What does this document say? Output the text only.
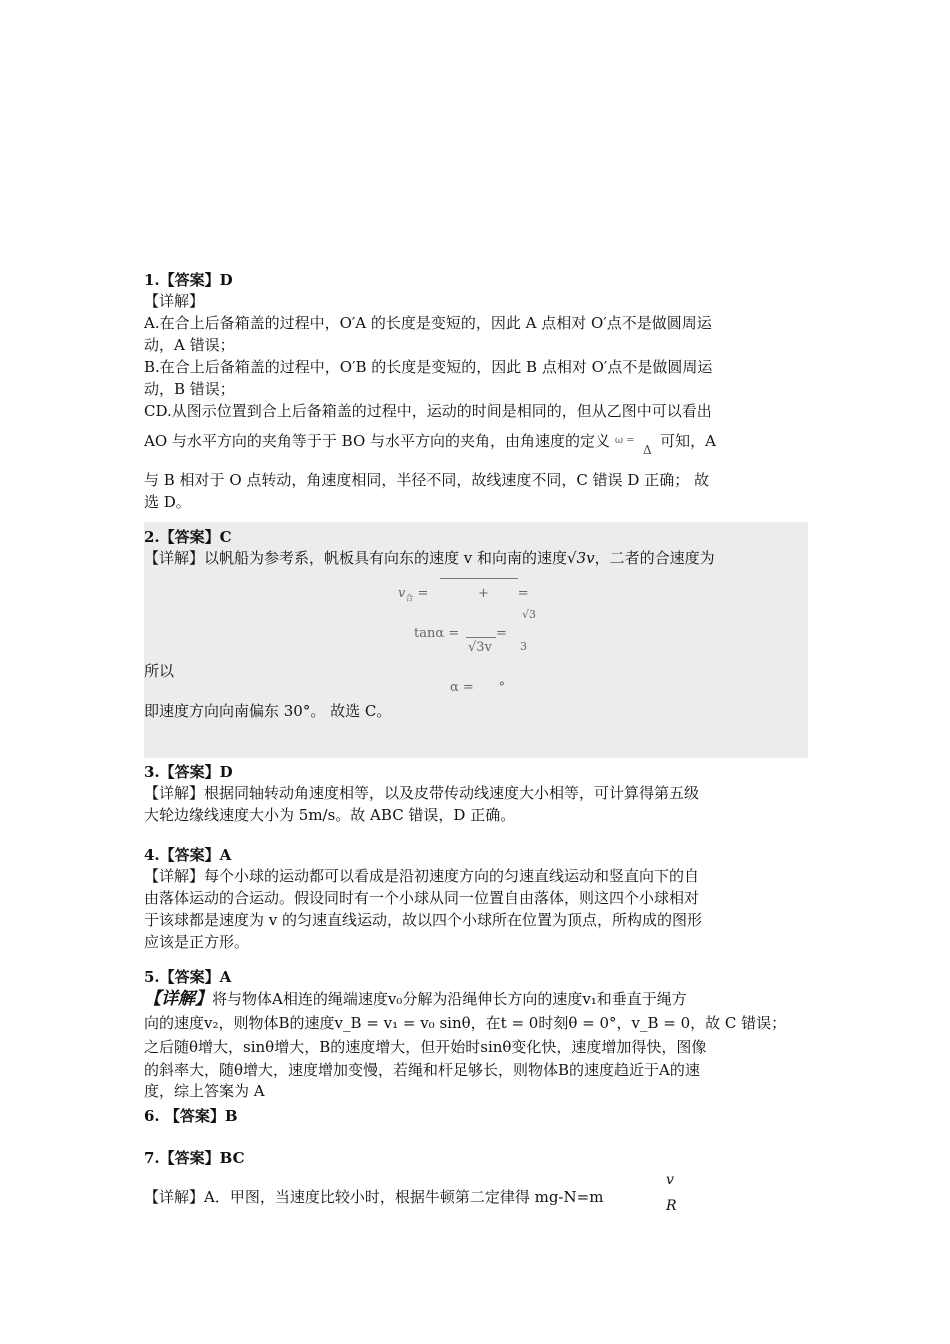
1.【答案】D
【详解】
A.在合上后备箱盖的过程中，O′A 的长度是变短的，因此 A 点相对 O′点不是做圆周运
动，A 错误；
B.在合上后备箱盖的过程中，O′B 的长度是变短的，因此 B 点相对 O′点不是做圆周运
动，B 错误；
CD.从图示位置到合上后备箱盖的过程中，运动的时间是相同的，但从乙图中可以看出
AO 与水平方向的夹角等于于 BO 与水平方向的夹角，由角速度的定义 $^{\omega =}$ Δ 可知，A
与 B 相对于 O 点转动，角速度相同，半径不同，故线速度不同，C 错误 D 正确； 故
选 D。
2.【答案】C
【详解】以帆船为参考系，帆板具有向东的速度 v 和向南的速度√3v，二者的合速度为
$v_合$ =            +       =
√3
tanα =	=
√3v	3
所以
α =      °
即速度方向向南偏东 30°。 故选 C。
3.【答案】D
【详解】根据同轴转动角速度相等，以及皮带传动线速度大小相等，可计算得第五级
大轮边缘线速度大小为 5m/s。故 ABC 错误，D 正确。
4.【答案】A
【详解】每个小球的运动都可以看成是沿初速度方向的匀速直线运动和竖直向下的自
由落体运动的合运动。假设同时有一个小球从同一位置自由落体，则这四个小球相对
于该球都是速度为 v 的匀速直线运动，故以四个小球所在位置为顶点，所构成的图形
应该是正方形。
5.【答案】A
【详解】将与物体A相连的绳端速度v₀分解为沿绳伸长方向的速度v₁和垂直于绳方
向的速度v₂，则物体B的速度v_B = v₁ = v₀ sinθ，在t = 0时刻θ = 0°，v_B = 0，故 C 错误；
之后随θ增大，sinθ增大，B的速度增大，但开始时sinθ变化快，速度增加得快，图像
的斜率大，随θ增大，速度增加变慢，若绳和杆足够长，则物体B的速度趋近于A的速
度，综上答案为 A
6. 【答案】B
7.【答案】BC
【详解】A．甲图，当速度比较小时，根据牛顿第二定律得 mg-N=m
v
R
